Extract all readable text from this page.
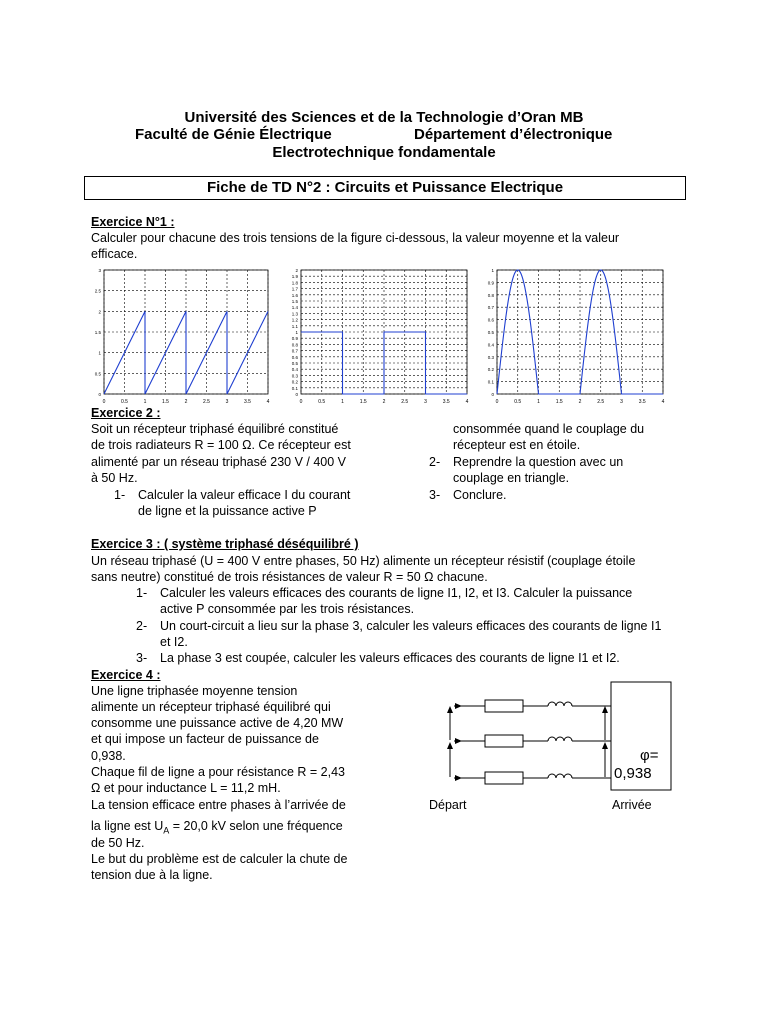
Université des Sciences et de la Technologie d’Oran MB
Faculté de Génie Électrique	Département d’électronique
Electrotechnique fondamentale
Fiche de TD N°2 : Circuits et Puissance Electrique
Exercice N°1 :
Calculer pour chacune des trois tensions de la figure ci-dessous, la valeur moyenne et la valeur
efficace.
0	0.5	1	1.5	2	2.5	3	3.5	4
0
0.5
1
1.5
2
2.5
3
0	0.5	1	1.5	2	2.5	3	3.5	4
0
0.1
0.2
0.3
0.4
0.5
0.6
0.7
0.8
0.9
1
1.1
1.2
1.3
1.4
1.5
1.6
1.7
1.8
1.9
2
0	0.5	1	1.5	2	2.5	3	3.5	4
0
0.1
0.2
0.3
0.4
0.5
0.6
0.7
0.8
0.9
1
Exercice 2 :
Soit un récepteur triphasé équilibré constitué
de trois radiateurs R = 100 Ω. Ce récepteur est
alimenté par un réseau triphasé 230 V / 400 V
à 50 Hz.
1- Calculer la valeur efficace I du courant
de ligne et la puissance active P
consommée quand le couplage du
récepteur est en étoile.
2- Reprendre la question avec un
couplage en triangle.
3- Conclure.
Exercice 3 : ( système triphasé déséquilibré )
Un réseau triphasé (U = 400 V entre phases, 50 Hz) alimente un récepteur résistif (couplage étoile
sans neutre) constitué de trois résistances de valeur R = 50 Ω chacune.
1- Calculer les valeurs efficaces des courants de ligne I1, I2, et I3. Calculer la puissance
active P consommée par les trois résistances.
2- Un court-circuit a lieu sur la phase 3, calculer les valeurs efficaces des courants de ligne I1
et I2.
3- La phase 3 est coupée, calculer les valeurs efficaces des courants de ligne I1 et I2.
Exercice 4 :
Une ligne triphasée moyenne tension
alimente un récepteur triphasé équilibré qui
consomme une puissance active de 4,20 MW
et qui impose un facteur de puissance de
0,938.
Chaque fil de ligne a pour résistance R = 2,43
Ω et pour inductance L = 11,2 mH.
La tension efficace entre phases à l’arrivée de
la ligne est $U_A = 20,0$ kV selon une fréquence
de 50 Hz.
Le but du problème est de calculer la chute de
tension due à la ligne.
φ=
0,938
Départ	Arrivée
